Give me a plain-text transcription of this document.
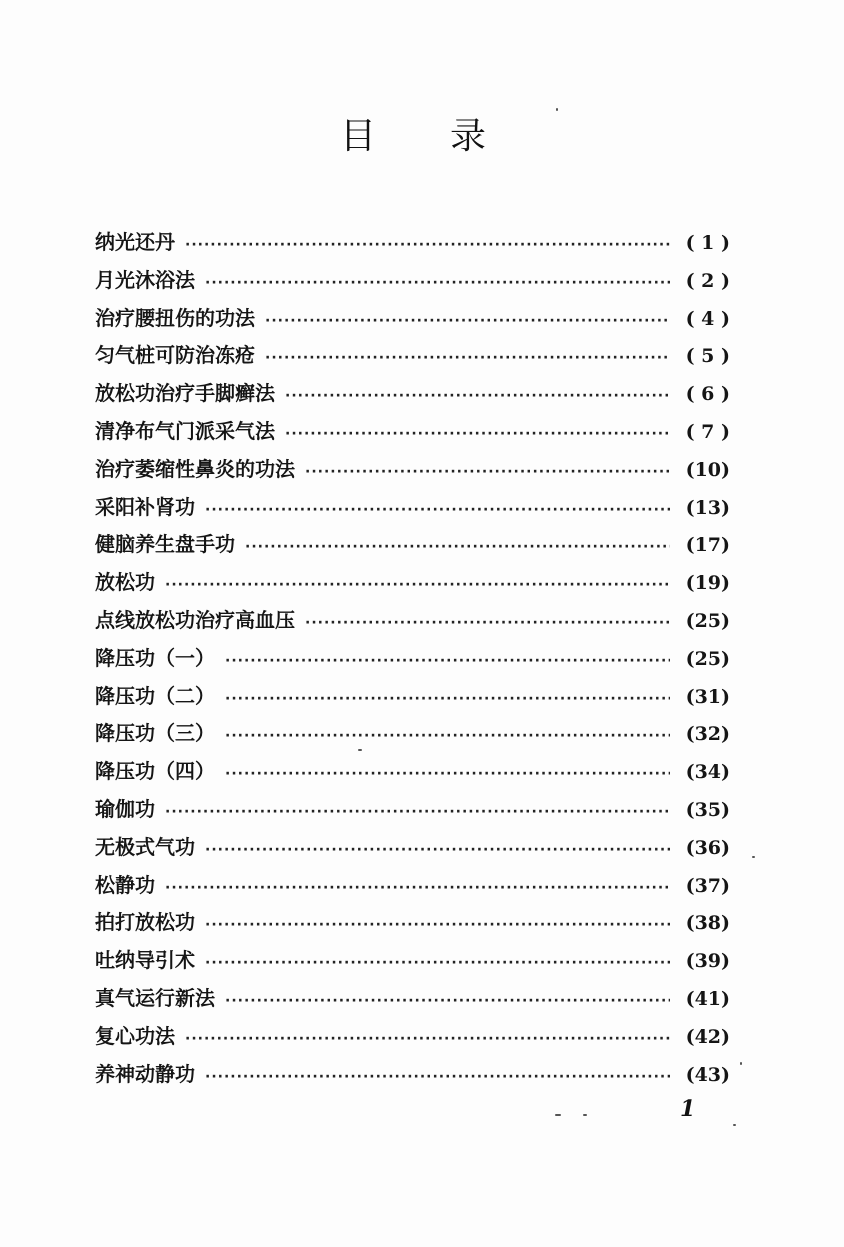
目 录
纳光还丹 ·····	( 1 )
月光沐浴法 ·····	( 2 )
治疗腰扭伤的功法 ·····	( 4 )
匀气桩可防治冻疮 ·····	( 5 )
放松功治疗手脚癣法 ·····	( 6 )
清净布气门派采气法 ·····	( 7 )
治疗萎缩性鼻炎的功法 ·····	(10)
采阳补肾功 ·····	(13)
健脑养生盘手功 ·····	(17)
放松功 ·····	(19)
点线放松功治疗高血压 ·····	(25)
降压功（一） ·····	(25)
降压功（二） ·····	(31)
降压功（三） ·····	(32)
降压功（四） ·····	(34)
瑜伽功 ·····	(35)
无极式气功 ·····	(36)
松静功 ·····	(37)
拍打放松功 ·····	(38)
吐纳导引术 ·····	(39)
真气运行新法 ·····	(41)
复心功法 ·····	(42)
养神动静功 ·····	(43)
1
